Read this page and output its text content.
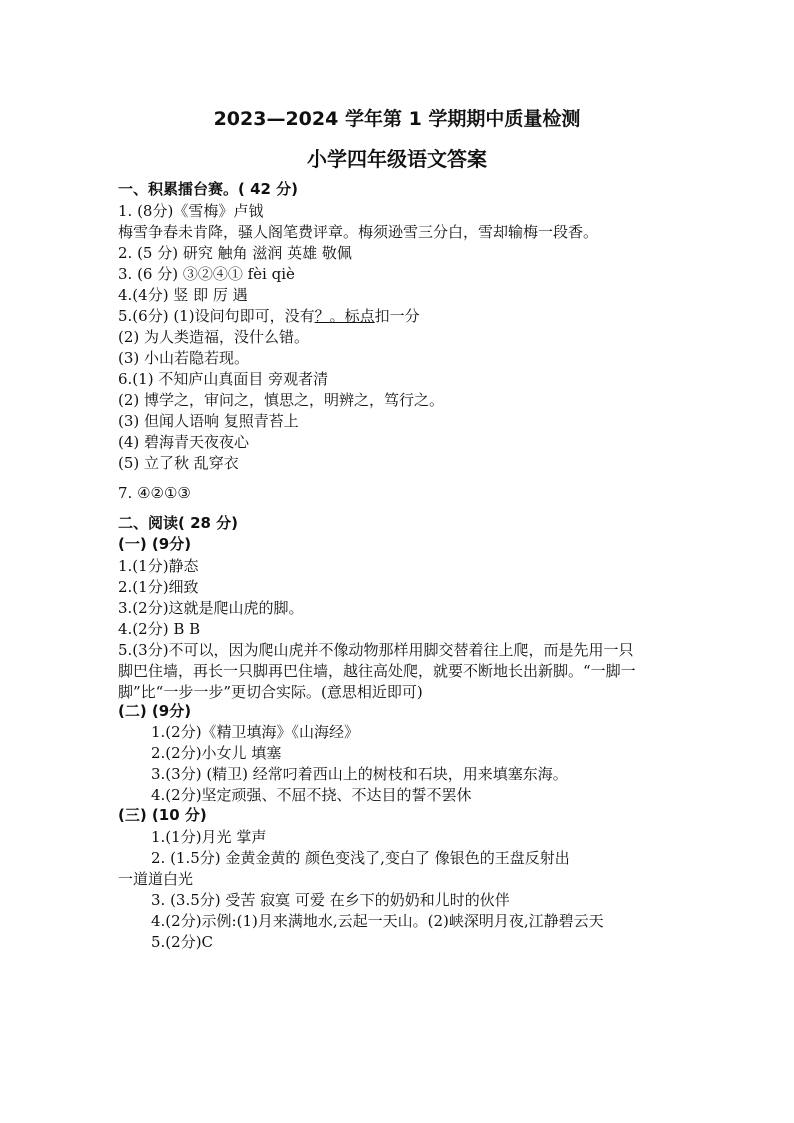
2023—2024 学年第 1 学期期中质量检测
小学四年级语文答案
一、积累擂台赛。( 42 分)
1. (8分)《雪梅》卢钺
梅雪争春未肯降，骚人阁笔费评章。梅须逊雪三分白，雪却输梅一段香。
2. (5 分) 研究 触角 滋润 英雄 敬佩
3. (6 分) ③②④① fèi qiè
4.(4分) 竖 即 厉 遇
5.(6分) (1)设问句即可，没有？。标点扣一分
(2) 为人类造福，没什么错。
(3) 小山若隐若现。
6.(1) 不知庐山真面目 旁观者清
(2) 博学之，审问之，慎思之，明辨之，笃行之。
(3) 但闻人语响 复照青苔上
(4) 碧海青天夜夜心
(5) 立了秋 乱穿衣
7. ④②①③
二、阅读( 28 分)
(一) (9分)
1.(1分)静态
2.(1分)细致
3.(2分)这就是爬山虎的脚。
4.(2分) B B
5.(3分)不可以，因为爬山虎并不像动物那样用脚交替着往上爬，而是先用一只
脚巴住墙，再长一只脚再巴住墙，越往高处爬，就要不断地长出新脚。“一脚一
脚”比“一步一步”更切合实际。(意思相近即可)
(二) (9分)
1.(2分)《精卫填海》《山海经》
2.(2分)小女儿 填塞
3.(3分) (精卫) 经常叼着西山上的树枝和石块，用来填塞东海。
4.(2分)坚定顽强、不屈不挠、不达目的誓不罢休
(三) (10 分)
1.(1分)月光 掌声
2. (1.5分) 金黄金黄的 颜色变浅了,变白了 像银色的王盘反射出
一道道白光
3. (3.5分) 受苦 寂寞 可爱 在乡下的奶奶和儿时的伙伴
4.(2分)示例:(1)月来满地水,云起一天山。(2)峡深明月夜,江静碧云天
5.(2分)C
